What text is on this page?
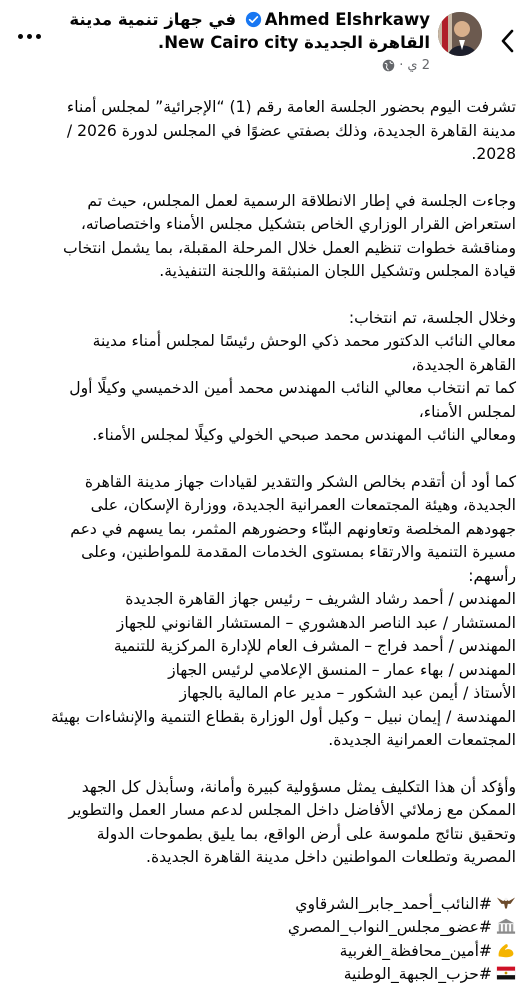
Ahmed Elshrkawy في جهاز تنمية مدينة
القاهرة الجديدة New Cairo city.
2 ي
·

تشرفت اليوم بحضور الجلسة العامة رقم (1) “الإجرائية” لمجلس أمناء

مدينة القاهرة الجديدة، وذلك بصفتي عضوًا في المجلس لدورة 2026 /

2028.

وجاءت الجلسة في إطار الانطلاقة الرسمية لعمل المجلس، حيث تم

استعراض القرار الوزاري الخاص بتشكيل مجلس الأمناء واختصاصاته،

ومناقشة خطوات تنظيم العمل خلال المرحلة المقبلة، بما يشمل انتخاب

قيادة المجلس وتشكيل اللجان المنبثقة واللجنة التنفيذية.

وخلال الجلسة، تم انتخاب:

معالي النائب الدكتور محمد ذكي الوحش رئيسًا لمجلس أمناء مدينة

القاهرة الجديدة،

كما تم انتخاب معالي النائب المهندس محمد أمين الدخميسي وكيلًا أول

لمجلس الأمناء،

ومعالي النائب المهندس محمد صبحي الخولي وكيلًا لمجلس الأمناء.

كما أود أن أتقدم بخالص الشكر والتقدير لقيادات جهاز مدينة القاهرة

الجديدة، وهيئة المجتمعات العمرانية الجديدة، ووزارة الإسكان، على

جهودهم المخلصة وتعاونهم البنّاء وحضورهم المثمر، بما يسهم في دعم

مسيرة التنمية والارتقاء بمستوى الخدمات المقدمة للمواطنين، وعلى

رأسهم:

المهندس / أحمد رشاد الشريف – رئيس جهاز القاهرة الجديدة

المستشار / عبد الناصر الدهشوري – المستشار القانوني للجهاز

المهندس / أحمد فراج – المشرف العام للإدارة المركزية للتنمية

المهندس / بهاء عمار – المنسق الإعلامي لرئيس الجهاز

الأستاذ / أيمن عبد الشكور – مدير عام المالية بالجهاز

المهندسة / إيمان نبيل – وكيل أول الوزارة بقطاع التنمية والإنشاءات بهيئة

المجتمعات العمرانية الجديدة.

وأؤكد أن هذا التكليف يمثل مسؤولية كبيرة وأمانة، وسأبذل كل الجهد

الممكن مع زملائي الأفاضل داخل المجلس لدعم مسار العمل والتطوير

وتحقيق نتائج ملموسة على أرض الواقع، بما يليق بطموحات الدولة

المصرية وتطلعات المواطنين داخل مدينة القاهرة الجديدة.

#النائب_أحمد_جابر_الشرقاوي
#عضو_مجلس_النواب_المصري
#أمين_محافظة_الغربية
#حزب_الجبهة_الوطنية
